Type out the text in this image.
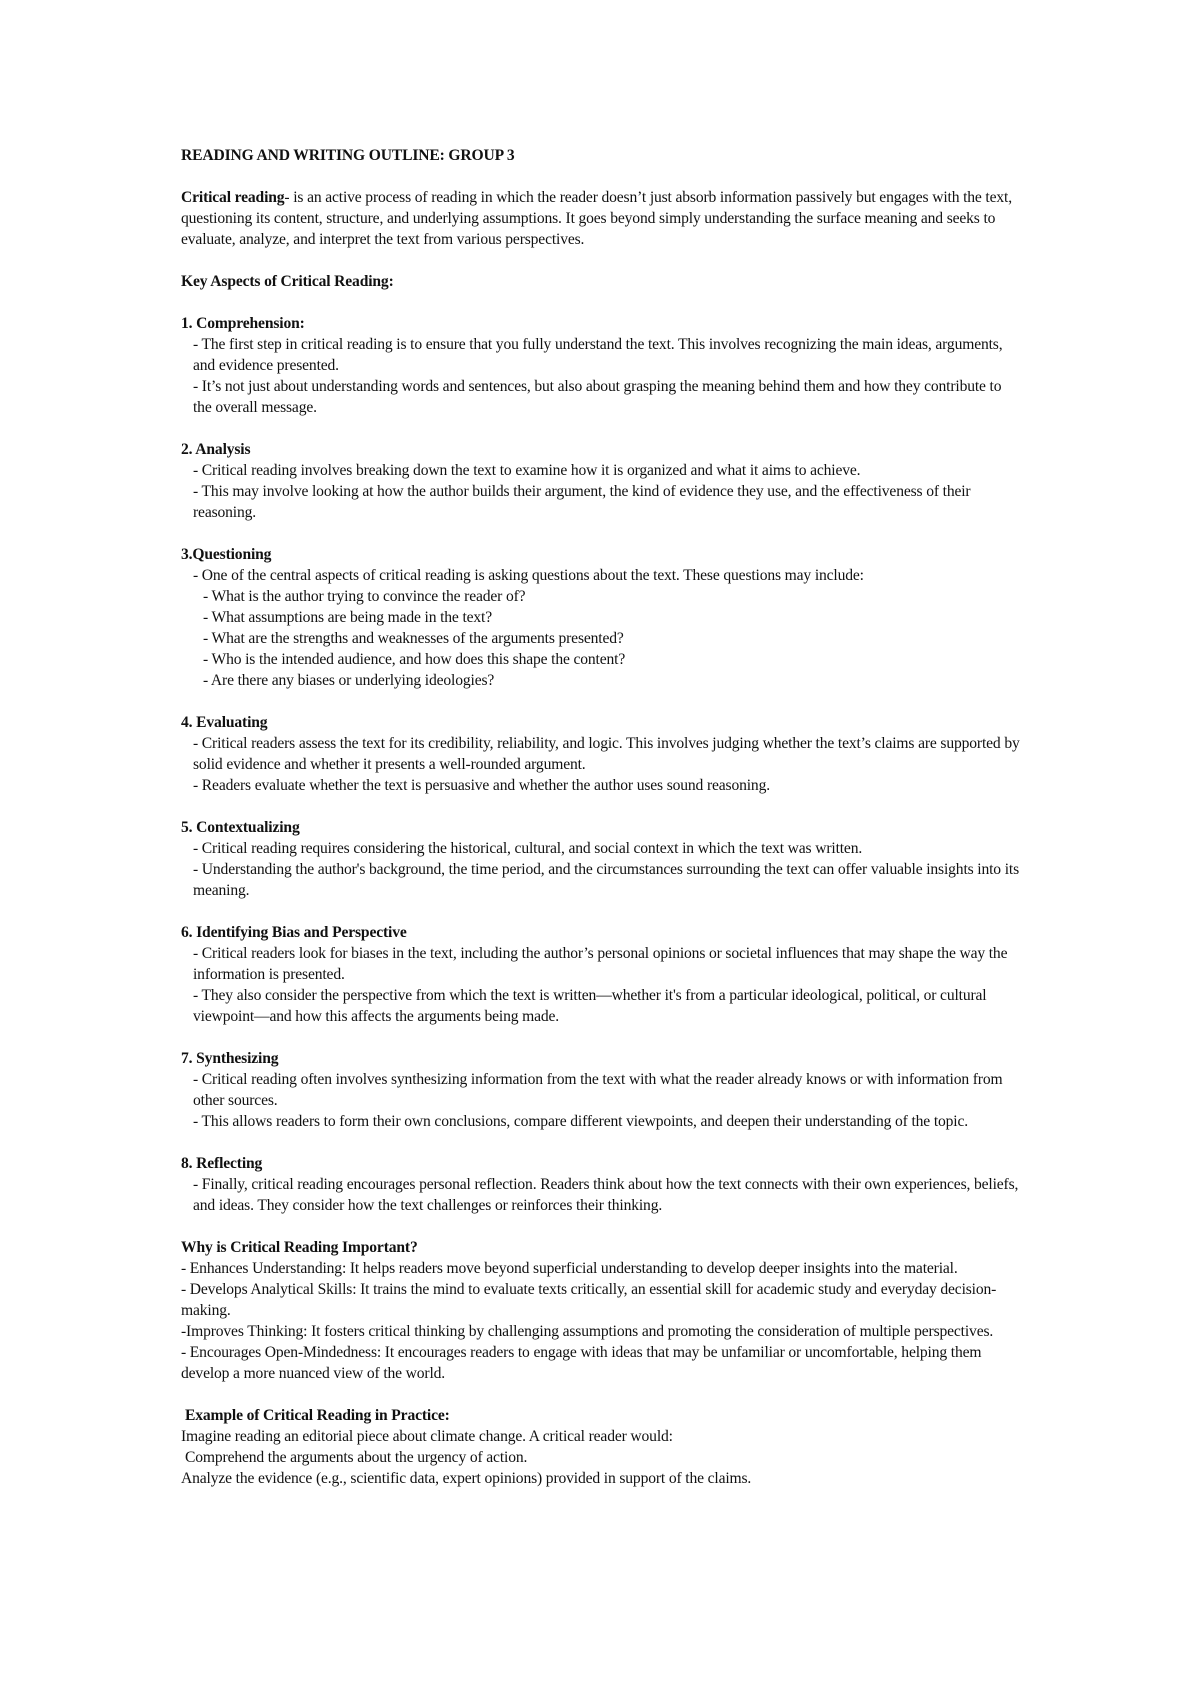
READING AND WRITING OUTLINE: GROUP 3

Critical reading- is an active process of reading in which the reader doesn’t just absorb information passively but engages with the text, questioning its content, structure, and underlying assumptions. It goes beyond simply understanding the surface meaning and seeks to evaluate, analyze, and interpret the text from various perspectives.

Key Aspects of Critical Reading:

1. Comprehension:

- The first step in critical reading is to ensure that you fully understand the text. This involves recognizing the main ideas, arguments, and evidence presented.

- It’s not just about understanding words and sentences, but also about grasping the meaning behind them and how they contribute to the overall message.

2. Analysis

- Critical reading involves breaking down the text to examine how it is organized and what it aims to achieve.

- This may involve looking at how the author builds their argument, the kind of evidence they use, and the effectiveness of their reasoning.

3.Questioning

- One of the central aspects of critical reading is asking questions about the text. These questions may include:

- What is the author trying to convince the reader of?

- What assumptions are being made in the text?

- What are the strengths and weaknesses of the arguments presented?

- Who is the intended audience, and how does this shape the content?

- Are there any biases or underlying ideologies?

4. Evaluating

- Critical readers assess the text for its credibility, reliability, and logic. This involves judging whether the text’s claims are supported by solid evidence and whether it presents a well-rounded argument.

- Readers evaluate whether the text is persuasive and whether the author uses sound reasoning.

5. Contextualizing

- Critical reading requires considering the historical, cultural, and social context in which the text was written.

- Understanding the author's background, the time period, and the circumstances surrounding the text can offer valuable insights into its meaning.

6. Identifying Bias and Perspective

- Critical readers look for biases in the text, including the author’s personal opinions or societal influences that may shape the way the information is presented.

- They also consider the perspective from which the text is written—whether it's from a particular ideological, political, or cultural viewpoint—and how this affects the arguments being made.

7. Synthesizing

- Critical reading often involves synthesizing information from the text with what the reader already knows or with information from other sources.

- This allows readers to form their own conclusions, compare different viewpoints, and deepen their understanding of the topic.

8. Reflecting

- Finally, critical reading encourages personal reflection. Readers think about how the text connects with their own experiences, beliefs, and ideas. They consider how the text challenges or reinforces their thinking.

Why is Critical Reading Important?

- Enhances Understanding: It helps readers move beyond superficial understanding to develop deeper insights into the material.

- Develops Analytical Skills: It trains the mind to evaluate texts critically, an essential skill for academic study and everyday decision-making.

-Improves Thinking: It fosters critical thinking by challenging assumptions and promoting the consideration of multiple perspectives.

- Encourages Open-Mindedness: It encourages readers to engage with ideas that may be unfamiliar or uncomfortable, helping them develop a more nuanced view of the world.

Example of Critical Reading in Practice:

Imagine reading an editorial piece about climate change. A critical reader would:

Comprehend the arguments about the urgency of action.

Analyze the evidence (e.g., scientific data, expert opinions) provided in support of the claims.
